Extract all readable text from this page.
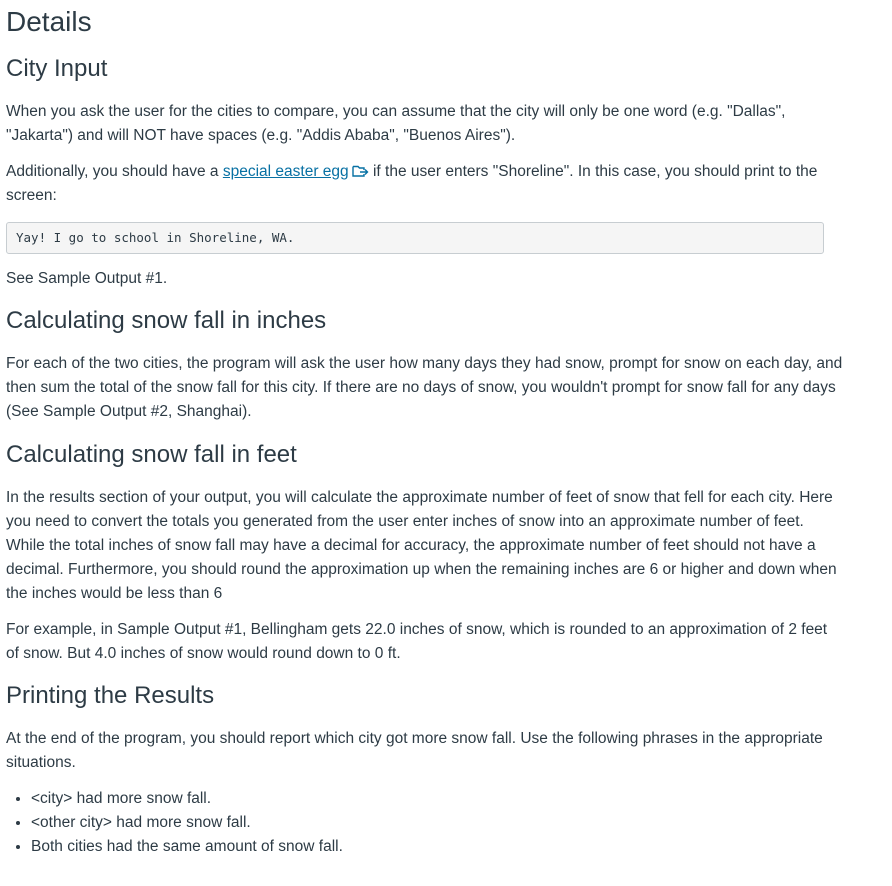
Details
City Input

When you ask the user for the cities to compare, you can assume that the city will only be one word (e.g. "Dallas", "Jakarta") and will NOT have spaces (e.g. "Addis Ababa", "Buenos Aires").

Additionally, you should have a special easter egg if the user enters "Shoreline". In this case, you should print to the screen:

Yay! I go to school in Shoreline, WA.

See Sample Output #1.

Calculating snow fall in inches

For each of the two cities, the program will ask the user how many days they had snow, prompt for snow on each day, and then sum the total of the snow fall for this city. If there are no days of snow, you wouldn't prompt for snow fall for any days (See Sample Output #2, Shanghai).

Calculating snow fall in feet

In the results section of your output, you will calculate the approximate number of feet of snow that fell for each city. Here you need to convert the totals you generated from the user enter inches of snow into an approximate number of feet. While the total inches of snow fall may have a decimal for accuracy, the approximate number of feet should not have a decimal. Furthermore, you should round the approximation up when the remaining inches are 6 or higher and down when the inches would be less than 6

For example, in Sample Output #1, Bellingham gets 22.0 inches of snow, which is rounded to an approximation of 2 feet of snow. But 4.0 inches of snow would round down to 0 ft.

Printing the Results

At the end of the program, you should report which city got more snow fall. Use the following phrases in the appropriate situations.

• <city> had more snow fall.
• <other city> had more snow fall.
• Both cities had the same amount of snow fall.
